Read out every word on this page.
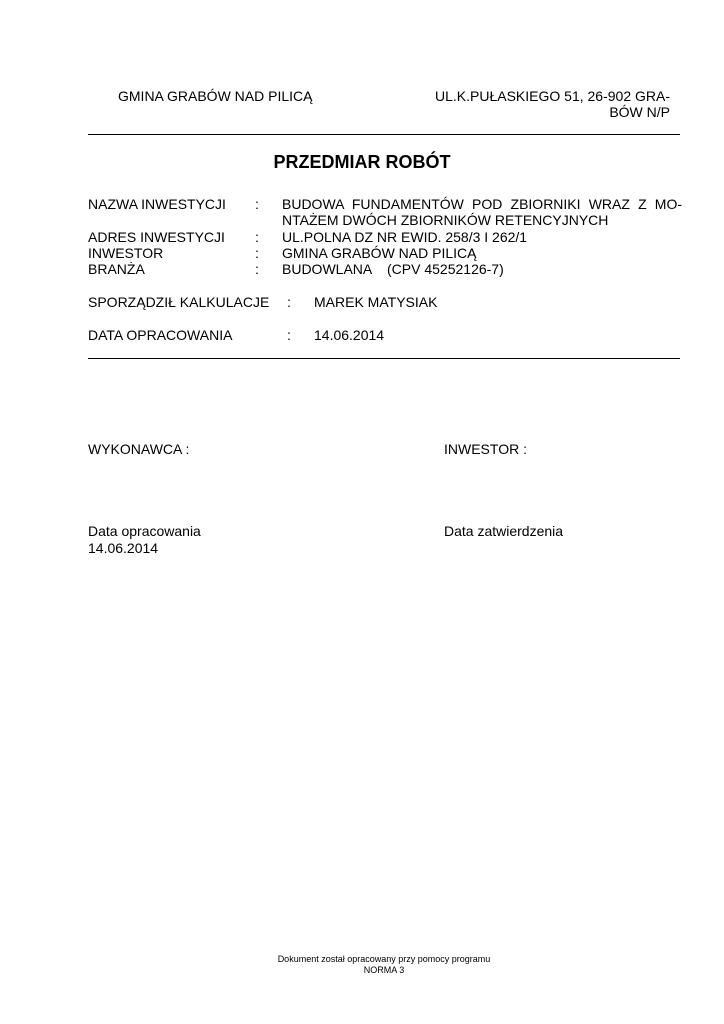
GMINA GRABÓW NAD PILICĄ	UL.K.PUŁASKIEGO 51, 26-902 GRA-BÓW N/P
PRZEDMIAR ROBÓT
NAZWA INWESTYCJI : BUDOWA FUNDAMENTÓW POD ZBIORNIKI WRAZ Z MO-NTAŻEM DWÓCH ZBIORNIKÓW RETENCYJNYCH
ADRES INWESTYCJI : UL.POLNA DZ NR EWID. 258/3 I 262/1
INWESTOR	: GMINA GRABÓW NAD PILICĄ
BRANŻA	: BUDOWLANA    (CPV 45252126-7)
SPORZĄDZIŁ KALKULACJE : MAREK MATYSIAK
DATA OPRACOWANIA	: 14.06.2014
WYKONAWCA :	INWESTOR :
Data opracowania
14.06.2014
Data zatwierdzenia
Dokument został opracowany przy pomocy programu
NORMA 3
